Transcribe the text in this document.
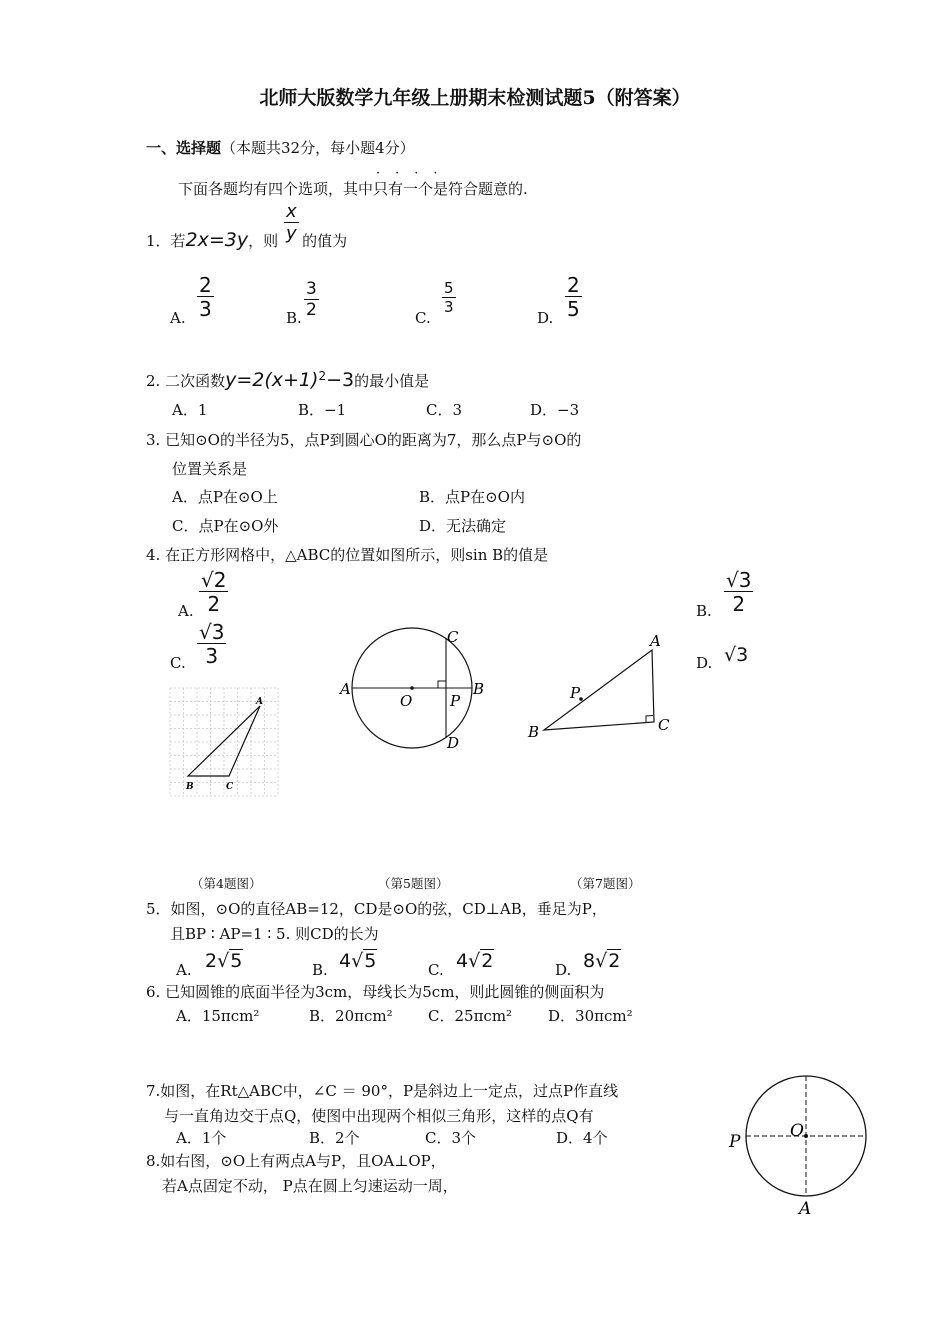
北师大版数学九年级上册期末检测试题5（附答案）
一、选择题（本题共32分，每小题4分）
下面各题均有四个选项，其中
····
只有一个是符合题意的.
1．若2x=3y，则 的值为
$\frac{x}{y}$
A. $\frac{2}{3}$	B. $\frac{3}{2}$	C.
$\frac{5}{3}$
D. $\frac{2}{5}$
2. 二次函数$y=2(x+1)^2-3$的最小值是
A．1	B．−1	C．3	D．−3
3. 已知⊙O的半径为5，点P到圆心O的距离为7，那么点P与⊙O的
位置关系是
A．点P在⊙O上	B．点P在⊙O内
C．点P在⊙O外	D．无法确定
4. 在正方形网格中，△ABC的位置如图所示，则sin B的值是
A. $\frac{√2}{2}$	B. $\frac{√3}{2}$
C. $\frac{√3}{3}$	D. √3
A
B	C
A	B
C
D
O	P
A
B	C
P
（第4题图）	（第5题图）	（第7题图）
5．如图，⊙O的直径AB=12，CD是⊙O的弦，CD⊥AB，垂足为P，
且BP ∶ AP=1 ∶ 5. 则CD的长为
A. 2√5	B. 4√5	C. 4√2	D. 8√2
6. 已知圆锥的底面半径为3cm，母线长为5cm，则此圆锥的侧面积为
A．15πcm²	B．20πcm² C．25πcm² D．30πcm²
7.如图，在Rt△ABC中，∠C ＝ 90°，P是斜边上一定点，过点P作直线
与一直角边交于点Q，使图中出现两个相似三角形，这样的点Q有
A．1个	B．2个	C．3个	D．4个
8.如右图，⊙O上有两点A与P，且OA⊥OP，
若A点固定不动， P点在圆上匀速运动一周，
O
P
A
